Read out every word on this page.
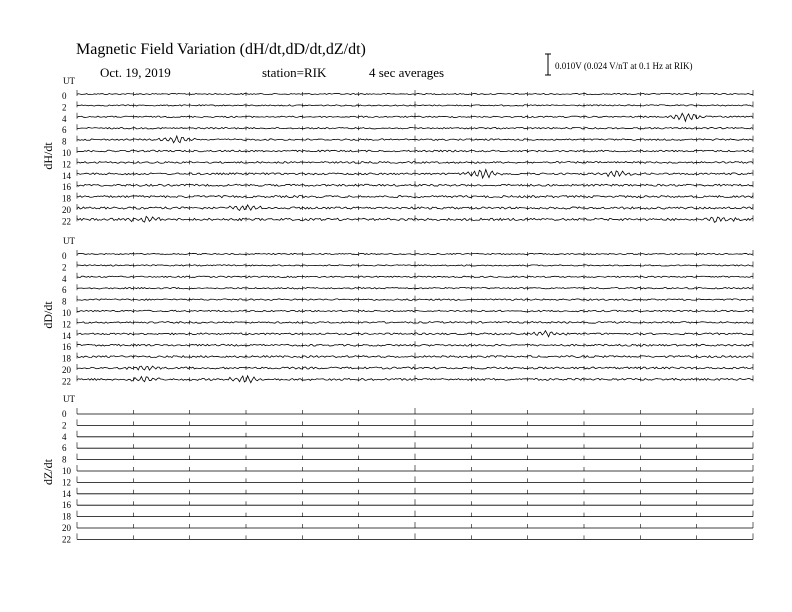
Magnetic Field Variation (dH/dt,dD/dt,dZ/dt)
Oct. 19, 2019	station=RIK	4 sec averages	0.010V (0.024 V/nT at 0.1 Hz at RIK)
UT
dH/dt
0
2
4
6
8
10
12
14
16
18
20
22
UT
dD/dt
0
2
4
6
8
10
12
14
16
18
20
22
UT
dZ/dt
0
2
4
6
8
10
12
14
16
18
20
22
